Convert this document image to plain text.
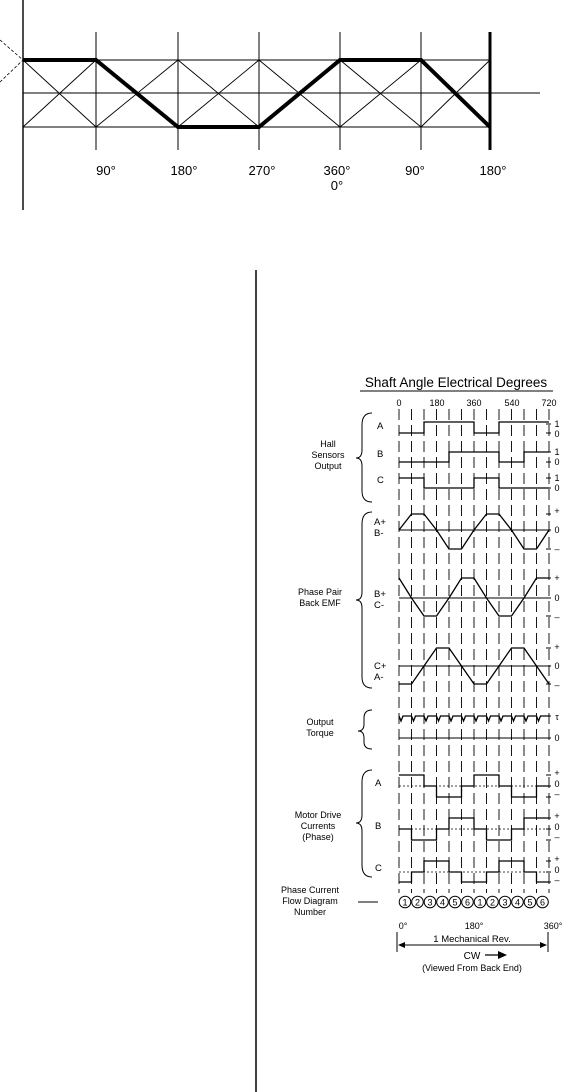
90°	180°	270°	360°
0°
90°	180°
Shaft Angle Electrical Degrees
0	180 360	540 720
Hall Sensors Output
Phase Pair Back EMF
Output Torque
Motor Drive Currents (Phase)
Phase Current Flow Diagram Number
A
B
C
A+
B-
B+
C-
C+
A-
A
B
C
1
0
1
0
1
0
+
0
–
+
0
–
+
0
–
τ
0
+
0
–
+
0
–
+
0
–
1 2 3 4 5 6 1 2 3 4 5 6
0°	180°	360°
1 Mechanical Rev.
CW
(Viewed From Back End)
